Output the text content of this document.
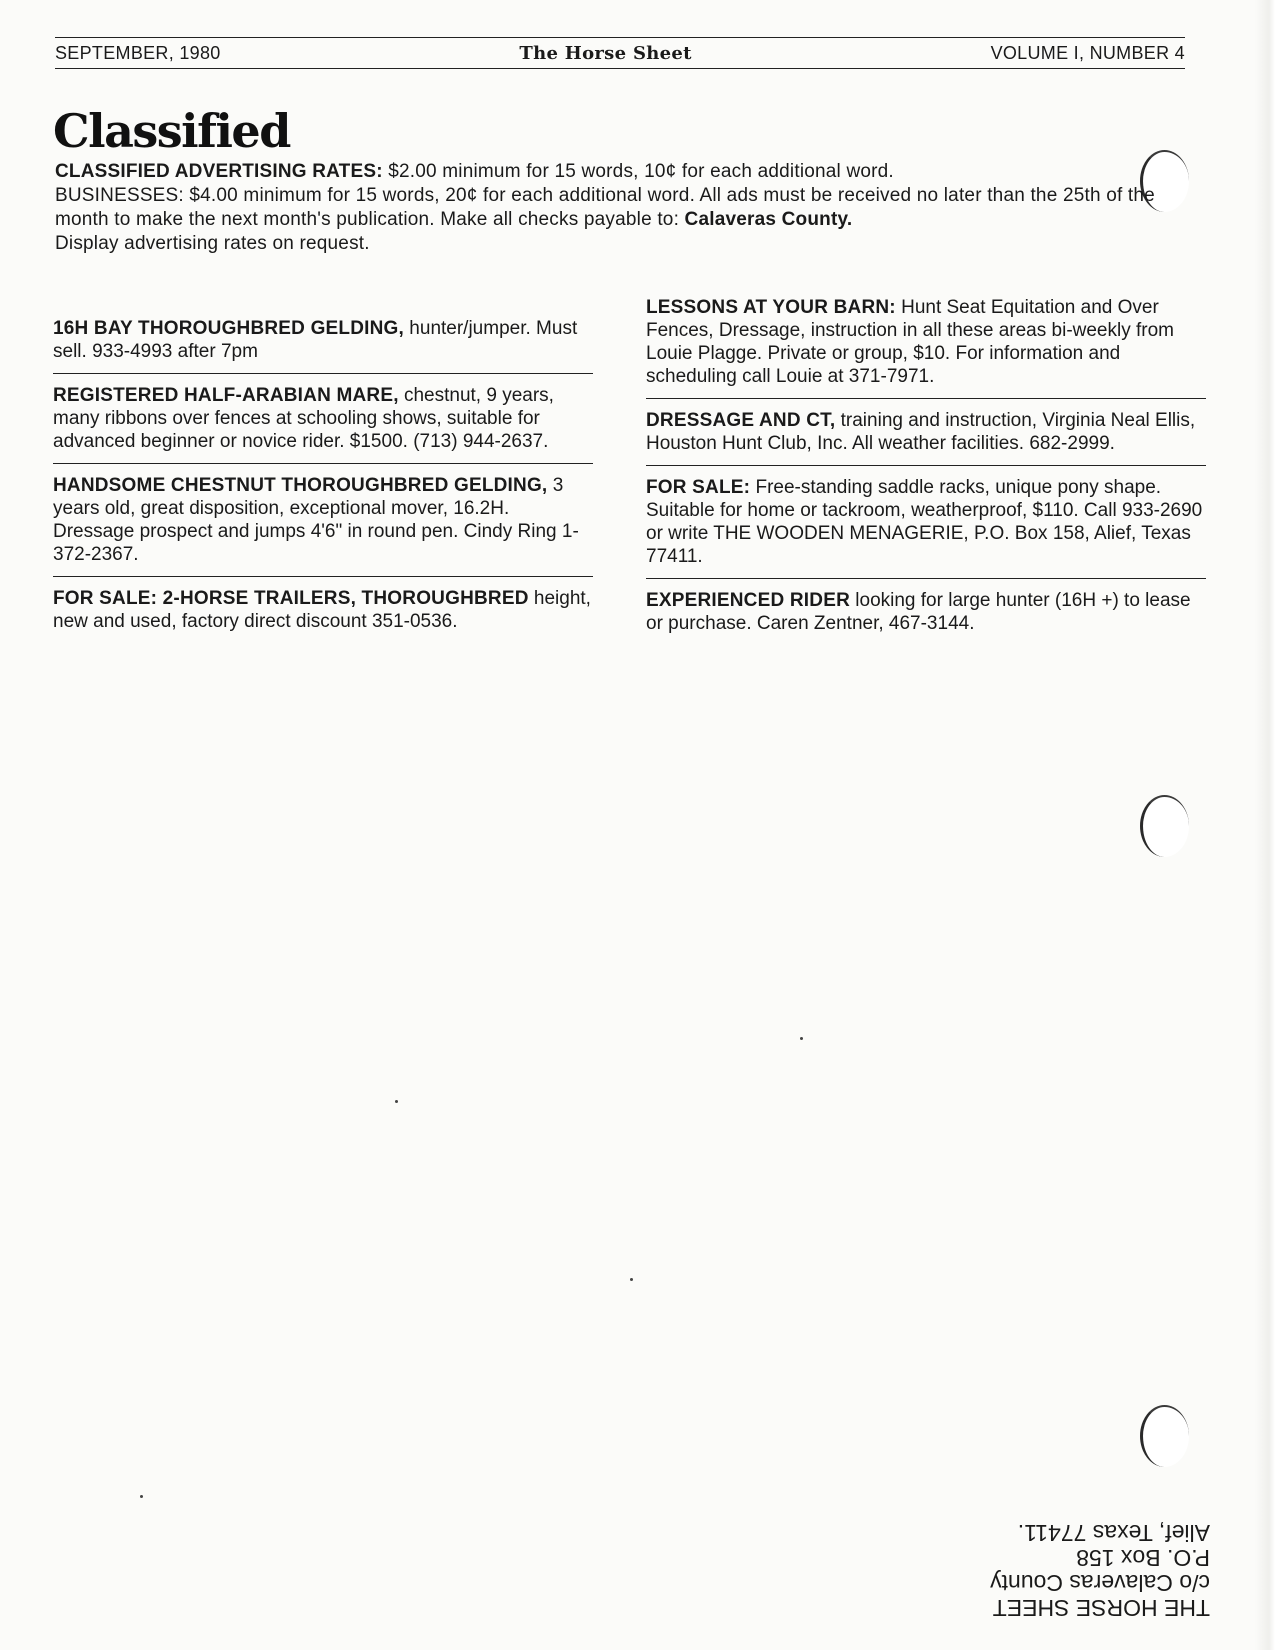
SEPTEMBER, 1980	The Horse Sheet	VOLUME I, NUMBER 4
Classified
CLASSIFIED ADVERTISING RATES: $2.00 minimum for 15 words, 10¢ for each additional word.
BUSINESSES: $4.00 minimum for 15 words, 20¢ for each additional word. All ads must be received no later than the 25th of the month to make the next month's publication. Make all checks payable to: Calaveras County.
Display advertising rates on request.
16H BAY THOROUGHBRED GELDING, hunter/jumper. Must sell. 933-4993 after 7pm
REGISTERED HALF-ARABIAN MARE, chestnut, 9 years, many ribbons over fences at schooling shows, suitable for advanced beginner or novice rider. $1500. (713) 944-2637.
HANDSOME CHESTNUT THOROUGHBRED GELDING, 3 years old, great disposition, exceptional mover, 16.2H. Dressage prospect and jumps 4'6" in round pen. Cindy Ring 1-372-2367.
FOR SALE: 2-HORSE TRAILERS, THOROUGHBRED height, new and used, factory direct discount 351-0536.
LESSONS AT YOUR BARN: Hunt Seat Equitation and Over Fences, Dressage, instruction in all these areas bi-weekly from Louie Plagge. Private or group, $10. For information and scheduling call Louie at 371-7971.
DRESSAGE AND CT, training and instruction, Virginia Neal Ellis, Houston Hunt Club, Inc. All weather facilities. 682-2999.
FOR SALE: Free-standing saddle racks, unique pony shape. Suitable for home or tackroom, weatherproof, $110. Call 933-2690 or write THE WOODEN MENAGERIE, P.O. Box 158, Alief, Texas 77411.
EXPERIENCED RIDER looking for large hunter (16H +) to lease or purchase. Caren Zentner, 467-3144.
THE HORSE SHEET
c/o Calaveras County
P.O. Box 158
Alief, Texas 77411.
